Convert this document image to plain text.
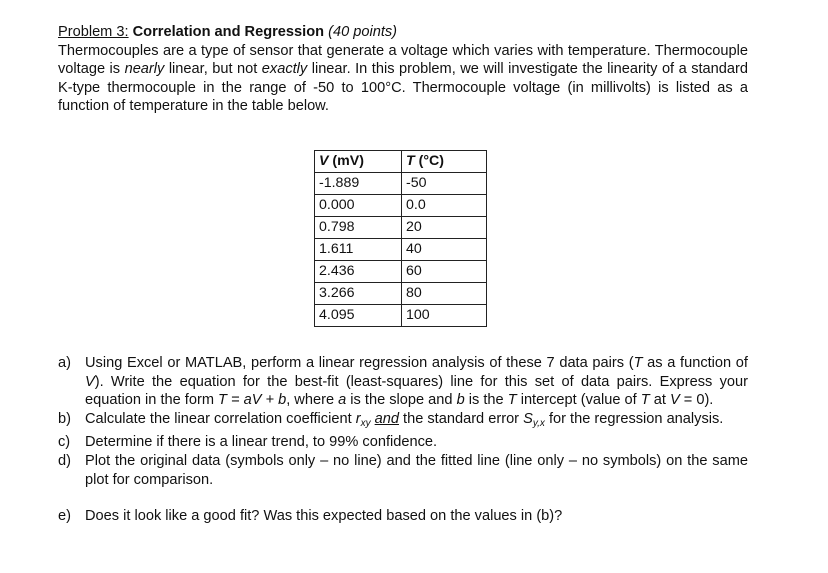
Problem 3: Correlation and Regression (40 points)

Thermocouples are a type of sensor that generate a voltage which varies with temperature. Thermocouple voltage is nearly linear, but not exactly linear. In this problem, we will investigate the linearity of a standard K-type thermocouple in the range of -50 to 100°C. Thermocouple voltage (in millivolts) is listed as a function of temperature in the table below.

V (mV)	T (°C)
-1.889	-50
0.000	0.0
0.798	20
1.611	40
2.436	60
3.266	80
4.095	100
a) Using Excel or MATLAB, perform a linear regression analysis of these 7 data pairs (T as a function of V). Write the equation for the best-fit (least-squares) line for this set of data pairs. Express your equation in the form T = aV + b, where a is the slope and b is the T intercept (value of T at V = 0).
b) Calculate the linear correlation coefficient $r_{xy}$ and the standard error $S_{y,x}$ for the regression analysis.
c) Determine if there is a linear trend, to 99% confidence.
d) Plot the original data (symbols only – no line) and the fitted line (line only – no symbols) on the same plot for comparison.
e) Does it look like a good fit? Was this expected based on the values in (b)?
